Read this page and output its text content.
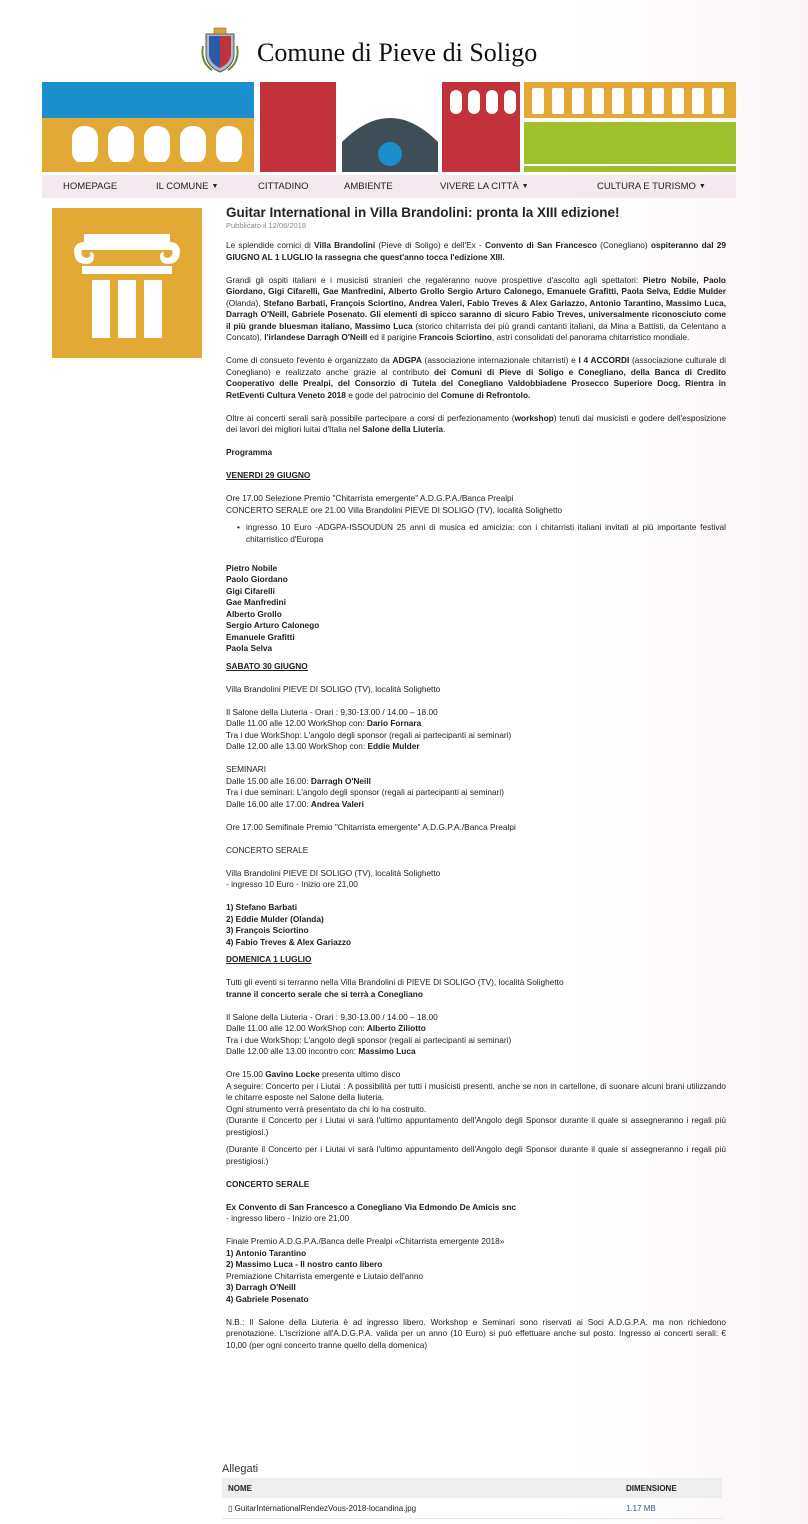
Comune di Pieve di Soligo
HOMEPAGE	IL COMUNE ▼	CITTADINO	AMBIENTE	VIVERE LA CITTÀ ▼	CULTURA E TURISMO ▼
Guitar International in Villa Brandolini: pronta la XIII edizione!

Pubblicato il 12/06/2018

Le splendide cornici di Villa Brandolini (Pieve di Soligo) e dell'Ex - Convento di San Francesco (Conegliano) ospiteranno dal 29 GIUGNO AL 1 LUGLIO la rassegna che quest'anno tocca l'edizione XIII.

Grandi gli ospiti italiani e i musicisti stranieri che regaleranno nuove prospettive d'ascolto agli spettatori: Pietro Nobile, Paolo Giordano, Gigi Cifarelli, Gae Manfredini, Alberto Grollo Sergio Arturo Calonego, Emanuele Grafitti, Paola Selva, Eddie Mulder (Olanda), Stefano Barbati, François Sciortino, Andrea Valeri, Fabio Treves & Alex Gariazzo, Antonio Tarantino, Massimo Luca, Darragh O'Neill, Gabriele Posenato. Gli elementi di spicco saranno di sicuro Fabio Treves, universalmente riconosciuto come il più grande bluesman italiano, Massimo Luca (storico chitarrista dei più grandi cantanti italiani, da Mina a Battisti, da Celentano a Concato), l'irlandese Darragh O'Neill ed il parigine Francois Sciortino, astri consolidati del panorama chitarristico mondiale.

Come di consueto l'evento è organizzato da ADGPA (associazione internazionale chitarristi) e I 4 ACCORDI (associazione culturale di Conegliano) e realizzato anche grazie al contributo dei Comuni di Pieve di Soligo e Conegliano, della Banca di Credito Cooperativo delle Prealpi, del Consorzio di Tutela del Conegliano Valdobbiadene Prosecco Superiore Docg. Rientra in RetEventi Cultura Veneto 2018 e gode del patrocinio del Comune di Refrontolo.

Oltre ai concerti serali sarà possibile partecipare a corsi di perfezionamento (workshop) tenuti dai musicisti e godere dell'esposizione dei lavori dei migliori luitai d'Italia nel Salone della Liuteria.

Programma

VENERDI 29 GIUGNO

Ore 17.00 Selezione Premio "Chitarrista emergente" A.D.G.P.A./Banca Prealpi

CONCERTO SERALE ore 21.00 Villa Brandolini PIEVE DI SOLIGO (TV), località Solighetto

• ingresso 10 Euro -ADGPA-ISSOUDUN 25 anni di musica ed amicizia: con i chitarristi italiani invitati al più importante festival chitarristico d'Europa

Pietro Nobile

Paolo Giordano

Gigi Cifarelli

Gae Manfredini

Alberto Grollo

Sergio Arturo Calonego

Emanuele Grafitti

Paola Selva

SABATO 30 GIUGNO

Villa Brandolini PIEVE DI SOLIGO (TV), località Solighetto

Il Salone della Liuteria - Orari : 9,30-13.00 / 14.00 – 18.00

Dalle 11.00 alle 12.00 WorkShop con: Dario Fornara

Tra i due WorkShop: L'angolo degli sponsor (regali ai partecipanti ai seminari)

Dalle 12.00 alle 13.00 WorkShop con: Eddie Mulder

SEMINARI

Dalle 15.00 alle 16.00: Darragh O'Neill

Tra i due seminari: L'angolo degli sponsor (regali ai partecipanti ai seminari)

Dalle 16.00 alle 17.00: Andrea Valeri

Ore 17.00 Semifinale Premio "Chitarrista emergente" A.D.G.P.A./Banca Prealpi

CONCERTO SERALE

Villa Brandolini PIEVE DI SOLIGO (TV), località Solighetto

- ingresso 10 Euro - Inizio ore 21,00

1) Stefano Barbati

2) Eddie Mulder (Olanda)

3) François Sciortino

4) Fabio Treves & Alex Gariazzo

DOMENICA 1 LUGLIO

Tutti gli eventi si terranno nella Villa Brandolini di PIEVE DI SOLIGO (TV), località Solighetto

tranne il concerto serale che si terrà a Conegliano

Il Salone della Liuteria - Orari : 9,30-13.00 / 14.00 – 18.00

Dalle 11.00 alle 12.00 WorkShop con: Alberto Ziliotto

Tra i due WorkShop: L'angolo degli sponsor (regali ai partecipanti ai seminari)

Dalle 12.00 alle 13.00 incontro con: Massimo Luca

Ore 15.00 Gavino Locke presenta ultimo disco

A seguire: Concerto per i Liutai : A possibilità per tutti i musicisti presenti, anche se non in cartellone, di suonare alcuni brani utilizzando le chitarre esposte nel Salone della liuteria.

Ogni strumento verrà presentato da chi lo ha costruito.

(Durante il Concerto per i Liutai vi sarà l'ultimo appuntamento dell'Angolo degli Sponsor durante il quale si assegneranno i regali più prestigiosi.)

(Durante il Concerto per i Liutai vi sarà l'ultimo appuntamento dell'Angolo degli Sponsor durante il quale si assegneranno i regali più prestigiosi.)

CONCERTO SERALE

Ex Convento di San Francesco a Conegliano Via Edmondo De Amicis snc

- ingresso libero - Inizio ore 21,00

Finale Premio A.D.G.P.A./Banca delle Prealpi «Chitarrista emergente 2018»

1) Antonio Tarantino

2) Massimo Luca - Il nostro canto libero

Premiazione Chitarrista emergente e Liutaio dell'anno

3) Darragh O'Neill

4) Gabriele Posenato

N.B.: Il Salone della Liuteria è ad ingresso libero. Workshop e Seminari sono riservati ai Soci A.D.G.P.A. ma non richiedono prenotazione. L'iscrizione all'A.D.G.P.A. valida per un anno (10 Euro) si può effettuare anche sul posto. Ingresso ai concerti serali: € 10,00 (per ogni concerto tranne quello della domenica)

Allegati

NOME	DIMENSIONE
▯ GuitarInternationalRendezVous-2018-locandina.jpg	1.17 MB
